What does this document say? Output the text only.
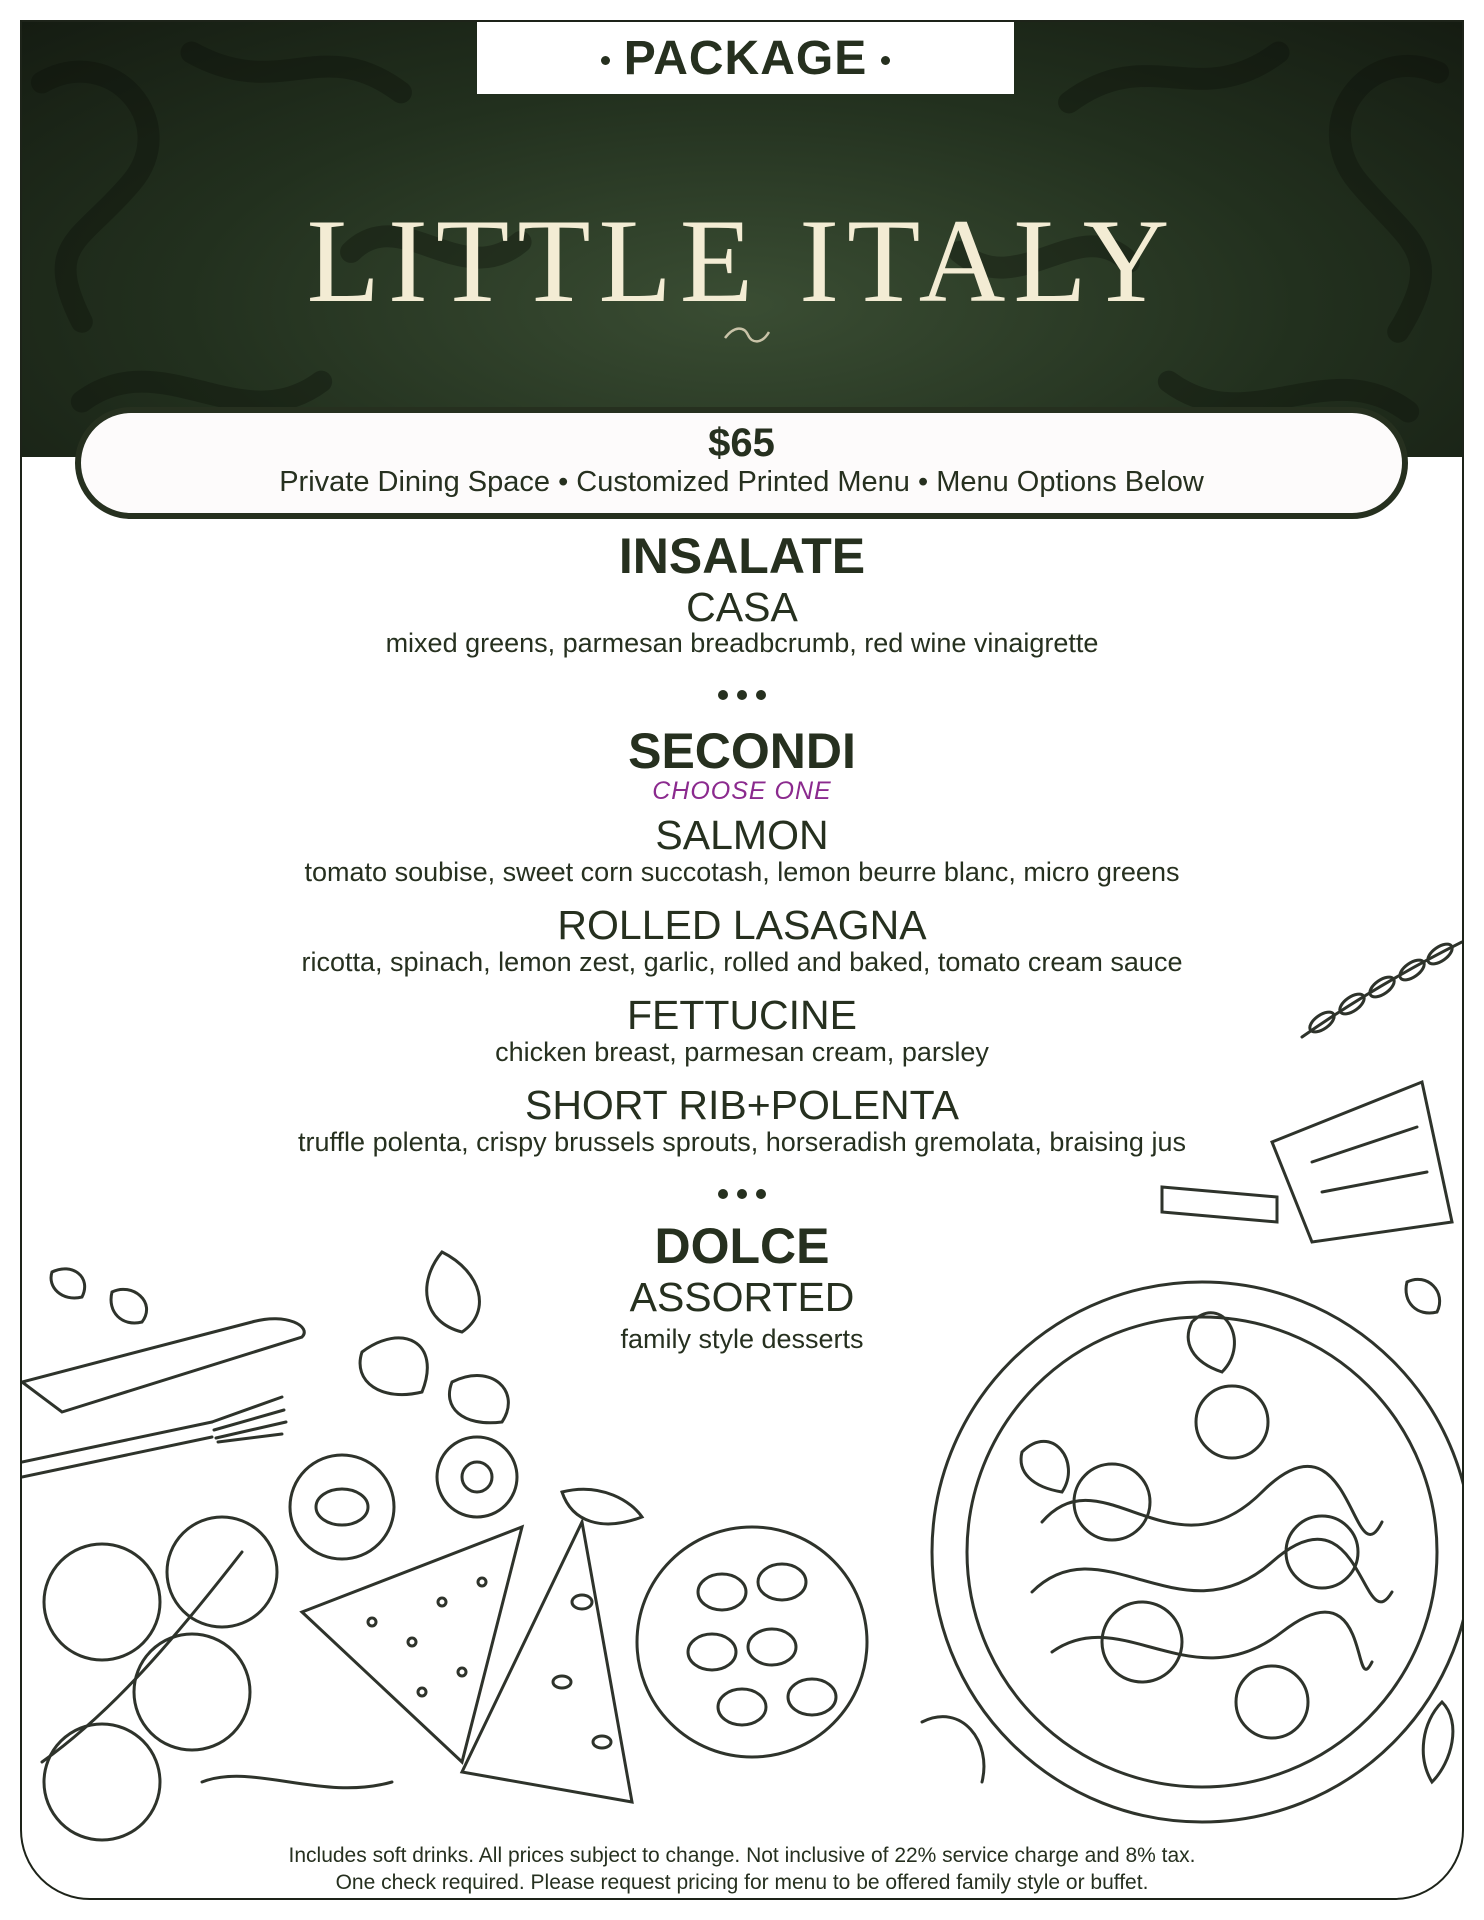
PACKAGE
LITTLE ITALY
$65
Private Dining Space • Customized Printed Menu • Menu Options Below
INSALATE
CASA
mixed greens, parmesan breadbcrumb, red wine vinaigrette
SECONDI
CHOOSE ONE
SALMON
tomato soubise, sweet corn succotash, lemon beurre blanc, micro greens
ROLLED LASAGNA
ricotta, spinach, lemon zest, garlic, rolled and baked, tomato cream sauce
FETTUCINE
chicken breast, parmesan cream, parsley
SHORT RIB+POLENTA
truffle polenta, crispy brussels sprouts, horseradish gremolata, braising jus
DOLCE
ASSORTED
family style desserts
Includes soft drinks. All prices subject to change. Not inclusive of 22% service charge and 8% tax.
One check required. Please request pricing for menu to be offered family style or buffet.
